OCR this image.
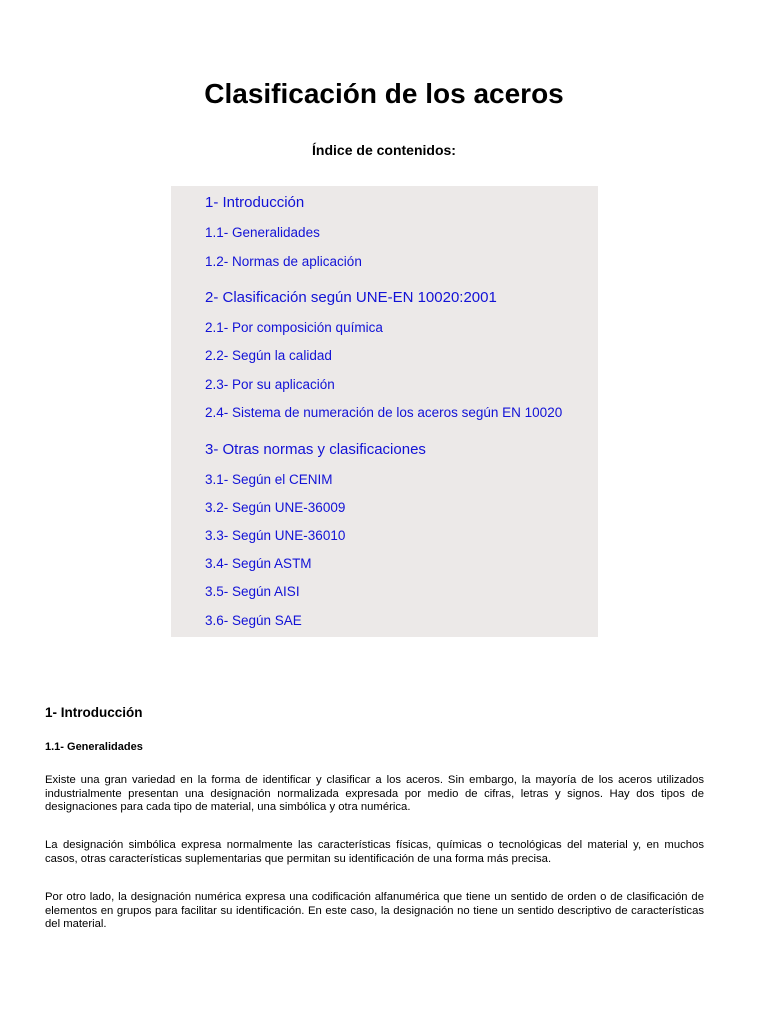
Clasificación de los aceros
Índice de contenidos:
1- Introducción
1.1- Generalidades
1.2- Normas de aplicación
2- Clasificación según UNE-EN 10020:2001
2.1- Por composición química
2.2- Según la calidad
2.3- Por su aplicación
2.4- Sistema de numeración de los aceros según EN 10020
3- Otras normas y clasificaciones
3.1- Según el CENIM
3.2- Según UNE-36009
3.3- Según UNE-36010
3.4- Según ASTM
3.5- Según AISI
3.6- Según SAE
1- Introducción
1.1- Generalidades

Existe una gran variedad en la forma de identificar y clasificar a los aceros. Sin embargo, la mayoría de los aceros utilizados industrialmente presentan una designación normalizada expresada por medio de cifras, letras y signos. Hay dos tipos de designaciones para cada tipo de material, una simbólica y otra numérica.

La designación simbólica expresa normalmente las características físicas, químicas o tecnológicas del material y, en muchos casos, otras características suplementarias que permitan su identificación de una forma más precisa.

Por otro lado, la designación numérica expresa una codificación alfanumérica que tiene un sentido de orden o de clasificación de elementos en grupos para facilitar su identificación. En este caso, la designación no tiene un sentido descriptivo de características del material.
